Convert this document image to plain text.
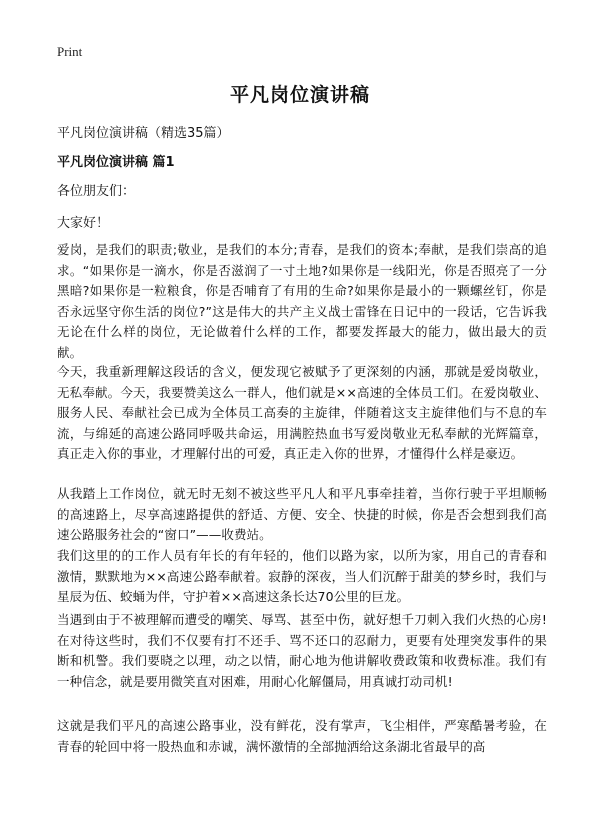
Print
平凡岗位演讲稿
平凡岗位演讲稿（精选35篇）
平凡岗位演讲稿 篇1
各位朋友们：
大家好！

爱岗，是我们的职责;敬业，是我们的本分;青春，是我们的资本;奉献，是我们崇高的追求。“如果你是一滴水，你是否滋润了一寸土地?如果你是一线阳光，你是否照亮了一分黑暗?如果你是一粒粮食，你是否哺育了有用的生命?如果你是最小的一颗螺丝钉，你是否永远坚守你生活的岗位?”这是伟大的共产主义战士雷锋在日记中的一段话，它告诉我无论在什么样的岗位，无论做着什么样的工作，都要发挥最大的能力，做出最大的贡献。

今天，我重新理解这段话的含义，便发现它被赋予了更深刻的内涵，那就是爱岗敬业，无私奉献。今天，我要赞美这么一群人，他们就是××高速的全体员工们。在爱岗敬业、服务人民、奉献社会已成为全体员工高奏的主旋律，伴随着这支主旋律他们与不息的车流，与绵延的高速公路同呼吸共命运，用满腔热血书写爱岗敬业无私奉献的光辉篇章，真正走入你的事业，才理解付出的可爱，真正走入你的世界，才懂得什么样是豪迈。

从我踏上工作岗位，就无时无刻不被这些平凡人和平凡事牵挂着，当你行驶于平坦顺畅的高速路上，尽享高速路提供的舒适、方便、安全、快捷的时候，你是否会想到我们高速公路服务社会的“窗口”——收费站。

我们这里的的工作人员有年长的有年轻的，他们以路为家，以所为家，用自己的青春和激情，默默地为××高速公路奉献着。寂静的深夜，当人们沉醉于甜美的梦乡时，我们与星辰为伍、蛟蛹为伴，守护着××高速这条长达70公里的巨龙。

当遇到由于不被理解而遭受的嘲笑、辱骂、甚至中伤，就好想千刀刺入我们火热的心房!在对待这些时，我们不仅要有打不还手、骂不还口的忍耐力，更要有处理突发事件的果断和机警。我们要晓之以理，动之以情，耐心地为他讲解收费政策和收费标准。我们有一种信念，就是要用微笑直对困难，用耐心化解僵局，用真诚打动司机!

这就是我们平凡的高速公路事业，没有鲜花，没有掌声，飞尘相伴，严寒酷暑考验，在青春的轮回中将一股热血和赤诚，满怀激情的全部抛洒给这条湖北省最早的高
